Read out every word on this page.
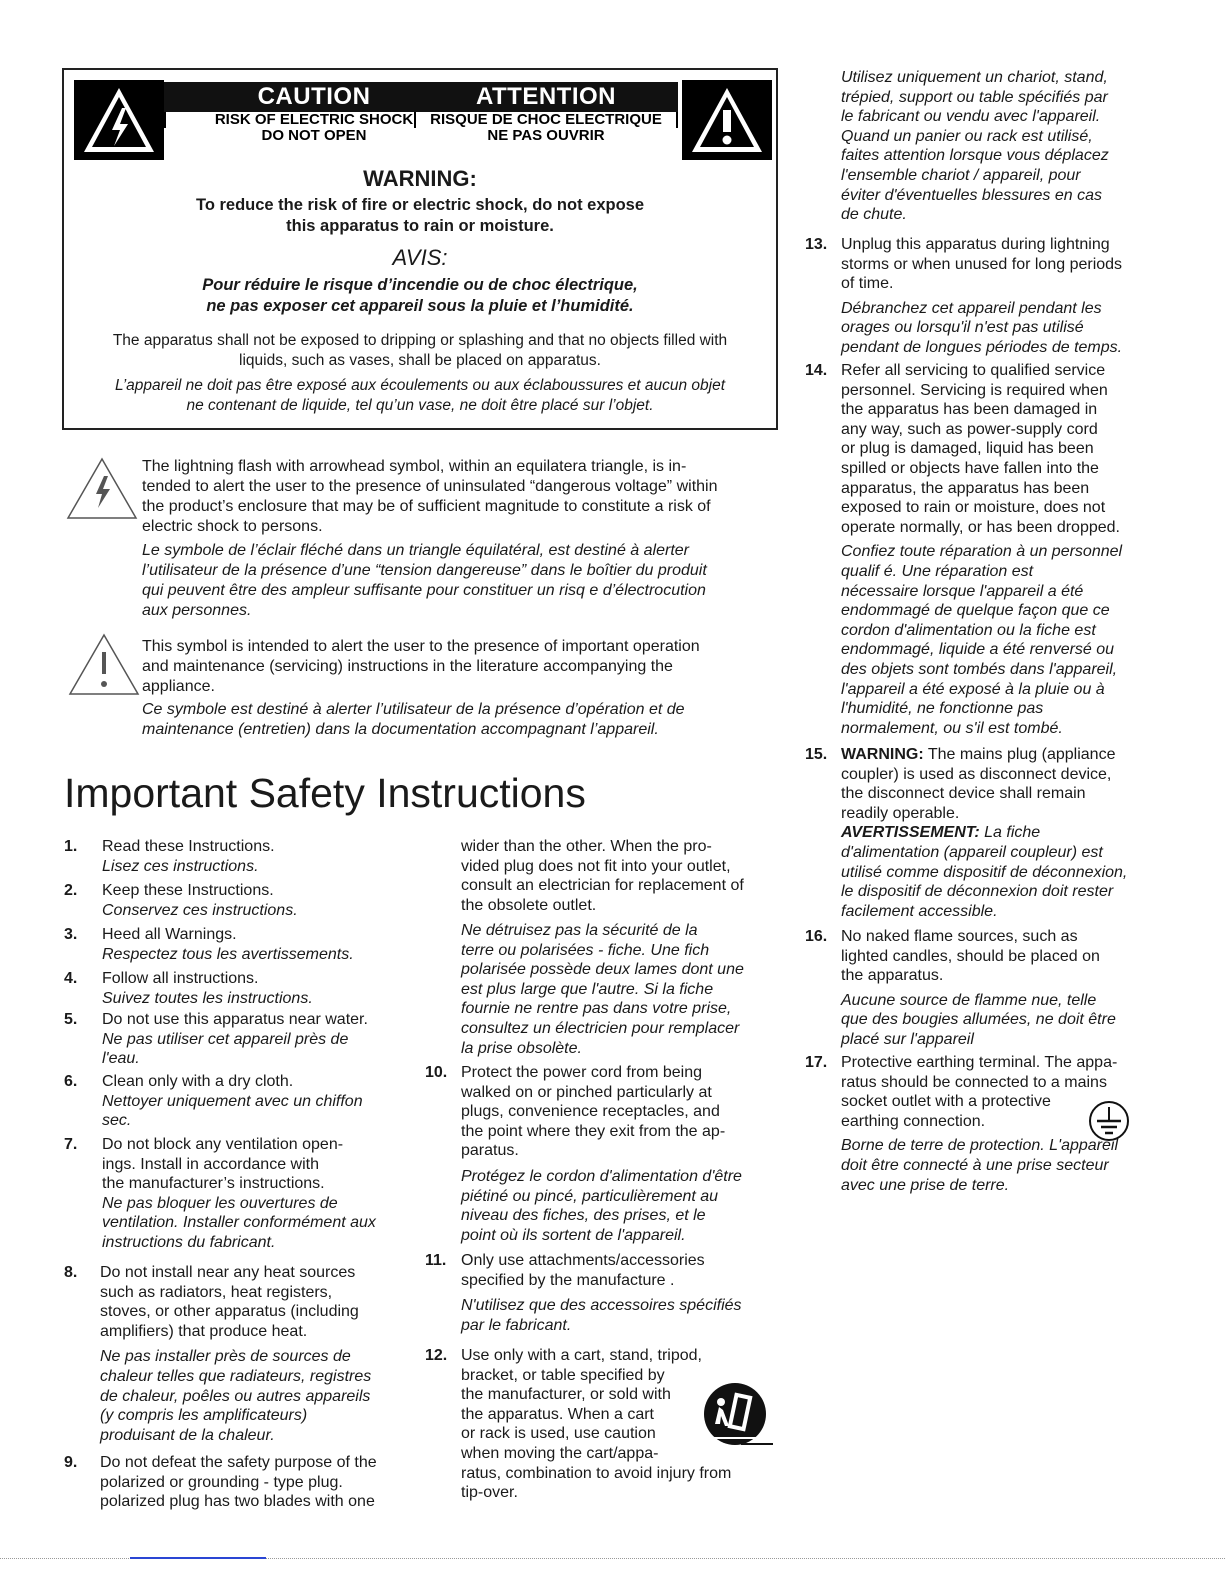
CAUTION
RISK OF ELECTRIC SHOCK
DO NOT OPEN
ATTENTION
RISQUE DE CHOC ELECTRIQUE
NE PAS OUVRIR
WARNING:
To reduce the risk of fire or electric shock, do not expose
this apparatus to rain or moisture.
AVIS:
Pour réduire le risque d’incendie ou de choc électrique,
ne pas exposer cet appareil sous la pluie et l’humidité.
The apparatus shall not be exposed to dripping or splashing and that no objects filled with
liquids, such as vases, shall be placed on apparatus.
L’appareil ne doit pas être exposé aux écoulements ou aux éclaboussures et aucun objet
ne contenant de liquide, tel qu’un vase, ne doit être placé sur l’objet.
The lightning flash with arrowhead symbol, within an equilatera triangle, is in-
tended to alert the user to the presence of uninsulated “dangerous voltage” within
the product’s enclosure that may be of sufficient magnitude to constitute a risk of
electric shock to persons.
Le symbole de l’éclair fléché dans un triangle équilatéral, est destiné à alerter
l’utilisateur de la présence d’une “tension dangereuse” dans le boîtier du produit
qui peuvent être des ampleur suffisante pour constituer un risq e d’électrocution
aux personnes.
This symbol is intended to alert the user to the presence of important operation
and maintenance (servicing) instructions in the literature accompanying the
appliance.
Ce symbole est destiné à alerter l’utilisateur de la présence d’opération et de
maintenance (entretien) dans la documentation accompagnant l’appareil.
Important Safety Instructions
1. Read these Instructions.
Lisez ces instructions.
2. Keep these Instructions.
Conservez ces instructions.
3. Heed all Warnings.
Respectez tous les avertissements.
4. Follow all instructions.
Suivez toutes les instructions.
5. Do not use this apparatus near water.
Ne pas utiliser cet appareil près de
l'eau.
6. Clean only with a dry cloth.
Nettoyer uniquement avec un chiffon
sec.
7. Do not block any ventilation open-
ings. Install in accordance with
the manufacturer’s instructions.
Ne pas bloquer les ouvertures de
ventilation. Installer conformément aux
instructions du fabricant.
8. Do not install near any heat sources
such as radiators, heat registers,
stoves, or other apparatus (including
amplifiers) that produce heat.
Ne pas installer près de sources de
chaleur telles que radiateurs, registres
de chaleur, poêles ou autres appareils
(y compris les amplificateurs)
produisant de la chaleur.
9. Do not defeat the safety purpose of the
polarized or grounding - type plug.
polarized plug has two blades with one
wider than the other. When the pro-
vided plug does not fit into your outlet,
consult an electrician for replacement of
the obsolete outlet.
Ne détruisez pas la sécurité de la
terre ou polarisées - fiche. Une fich
polarisée possède deux lames dont une
est plus large que l'autre. Si la fiche
fournie ne rentre pas dans votre prise,
consultez un électricien pour remplacer
la prise obsolète.
10. Protect the power cord from being
walked on or pinched particularly at
plugs, convenience receptacles, and
the point where they exit from the ap-
paratus.
Protégez le cordon d'alimentation d'être
piétiné ou pincé, particulièrement au
niveau des fiches, des prises, et le
point où ils sortent de l'appareil.
11. Only use attachments/accessories
specified by the manufacture .
N'utilisez que des accessoires spécifiés
par le fabricant.
12. Use only with a cart, stand, tripod,
bracket, or table specified by
the manufacturer, or sold with
the apparatus. When a cart
or rack is used, use caution
when moving the cart/appa-
ratus, combination to avoid injury from
tip-over.
Utilisez uniquement un chariot, stand,
trépied, support ou table spécifiés par
le fabricant ou vendu avec l'appareil.
Quand un panier ou rack est utilisé,
faites attention lorsque vous déplacez
l'ensemble chariot / appareil, pour
éviter d'éventuelles blessures en cas
de chute.
13. Unplug this apparatus during lightning
storms or when unused for long periods
of time.
Débranchez cet appareil pendant les
orages ou lorsqu'il n'est pas utilisé
pendant de longues périodes de temps.
14. Refer all servicing to qualified service
personnel. Servicing is required when
the apparatus has been damaged in
any way, such as power-supply cord
or plug is damaged, liquid has been
spilled or objects have fallen into the
apparatus, the apparatus has been
exposed to rain or moisture, does not
operate normally, or has been dropped.
Confiez toute réparation à un personnel
qualif é. Une réparation est
nécessaire lorsque l'appareil a été
endommagé de quelque façon que ce
cordon d'alimentation ou la fiche est
endommagé, liquide a été renversé ou
des objets sont tombés dans l'appareil,
l'appareil a été exposé à la pluie ou à
l'humidité, ne fonctionne pas
normalement, ou s'il est tombé.
15. WARNING: The mains plug (appliance
coupler) is used as disconnect device,
the disconnect device shall remain
readily operable.
AVERTISSEMENT: La fiche
d'alimentation (appareil coupleur) est
utilisé comme dispositif de déconnexion,
le dispositif de déconnexion doit rester
facilement accessible.
16. No naked flame sources, such as
lighted candles, should be placed on
the apparatus.
Aucune source de flamme nue, telle
que des bougies allumées, ne doit être
placé sur l'appareil
17. Protective earthing terminal. The appa-
ratus should be connected to a mains
socket outlet with a protective
earthing connection.
Borne de terre de protection. L'appareil
doit être connecté à une prise secteur
avec une prise de terre.
